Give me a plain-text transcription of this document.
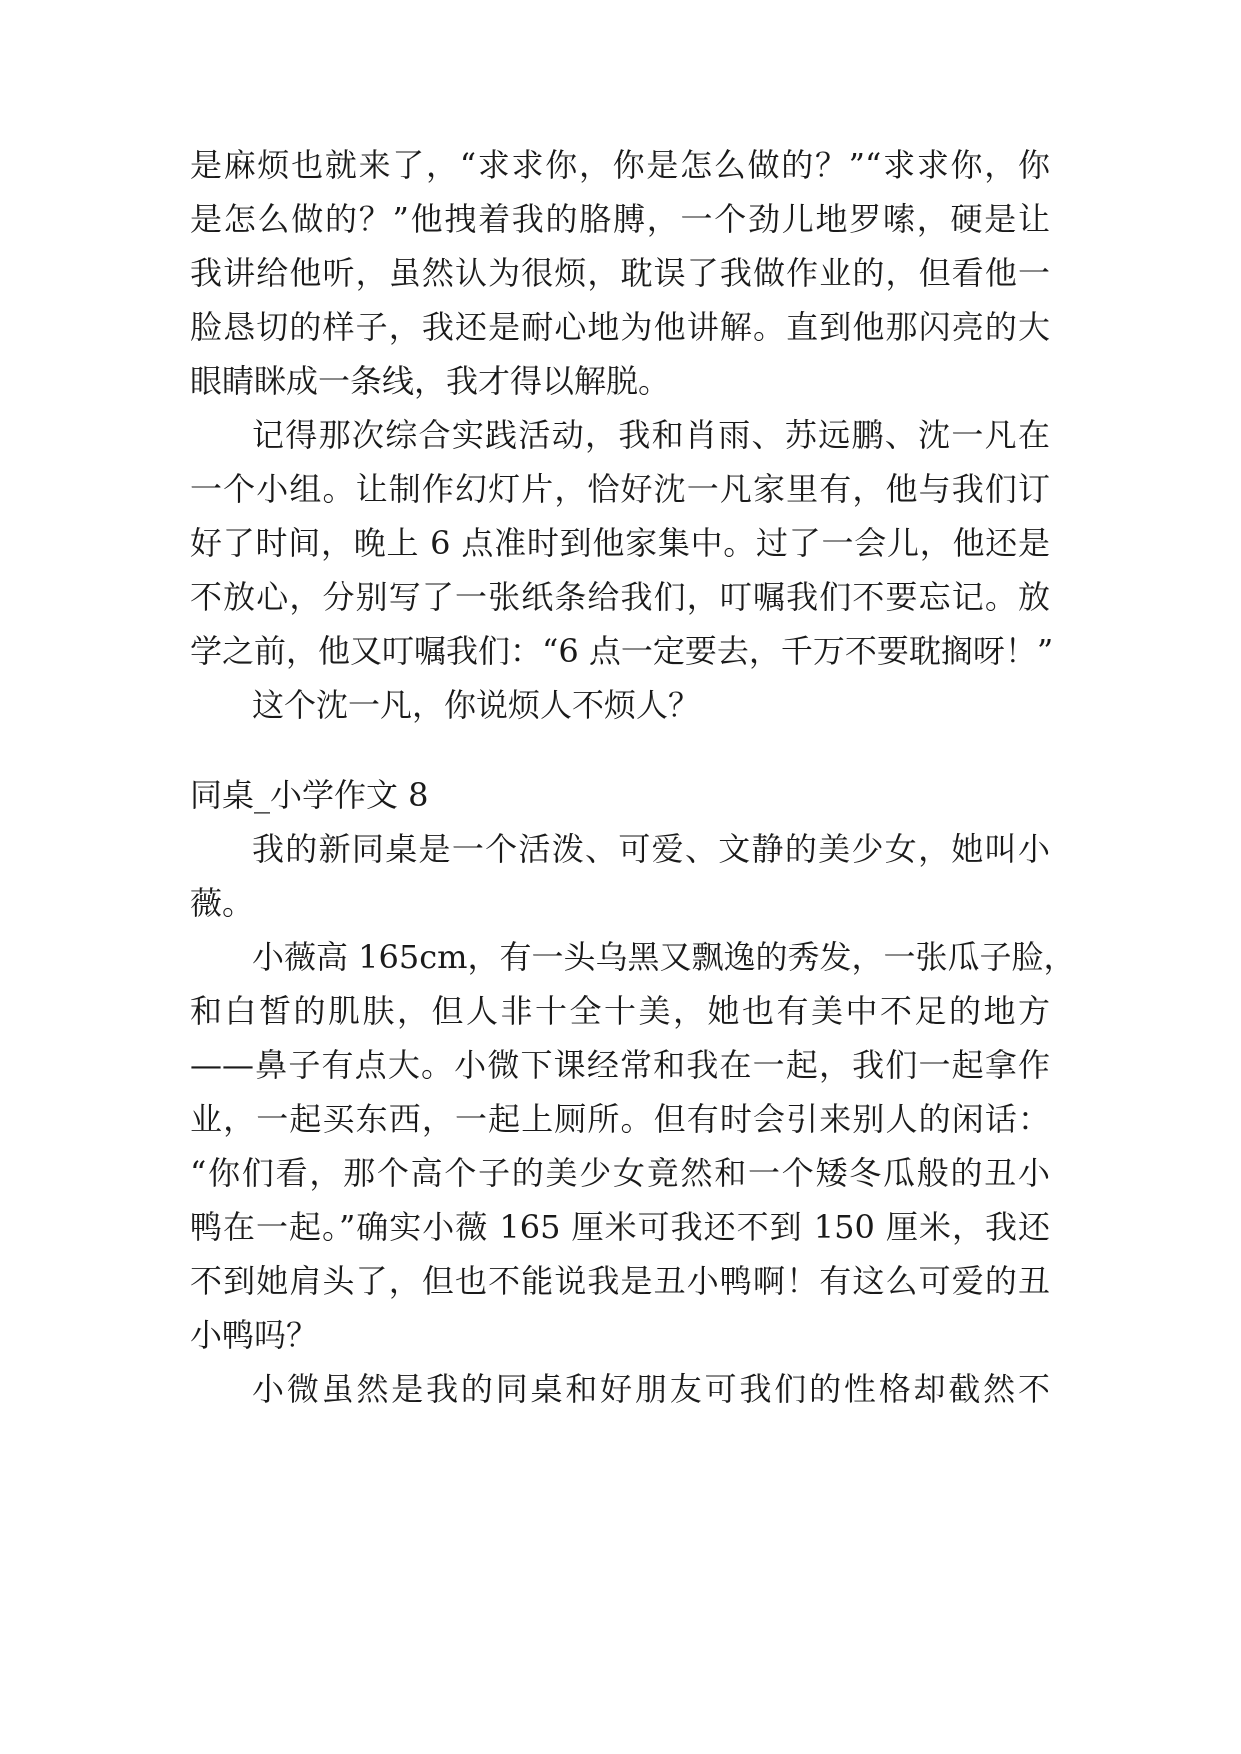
是麻烦也就来了，“求求你，你是怎么做的？”“求求你，你
是怎么做的？”他拽着我的胳膊，一个劲儿地罗嗦，硬是让
我讲给他听，虽然认为很烦，耽误了我做作业的，但看他一
脸恳切的样子，我还是耐心地为他讲解。直到他那闪亮的大
眼睛眯成一条线，我才得以解脱。
记得那次综合实践活动，我和肖雨、苏远鹏、沈一凡在
一个小组。让制作幻灯片，恰好沈一凡家里有，他与我们订
好了时间，晚上 6 点准时到他家集中。过了一会儿，他还是
不放心，分别写了一张纸条给我们，叮嘱我们不要忘记。放
学之前，他又叮嘱我们：“6 点一定要去，千万不要耽搁呀！”
这个沈一凡，你说烦人不烦人？
同桌_小学作文 8
我的新同桌是一个活泼、可爱、文静的美少女，她叫小
薇。
小薇高 165cm，有一头乌黑又飘逸的秀发，一张瓜子脸，
和白皙的肌肤，但人非十全十美，她也有美中不足的地方
——鼻子有点大。小微下课经常和我在一起，我们一起拿作
业，一起买东西，一起上厕所。但有时会引来别人的闲话：
“你们看，那个高个子的美少女竟然和一个矮冬瓜般的丑小
鸭在一起。”确实小薇 165 厘米可我还不到 150 厘米，我还
不到她肩头了，但也不能说我是丑小鸭啊！有这么可爱的丑
小鸭吗？
小微虽然是我的同桌和好朋友可我们的性格却截然不
